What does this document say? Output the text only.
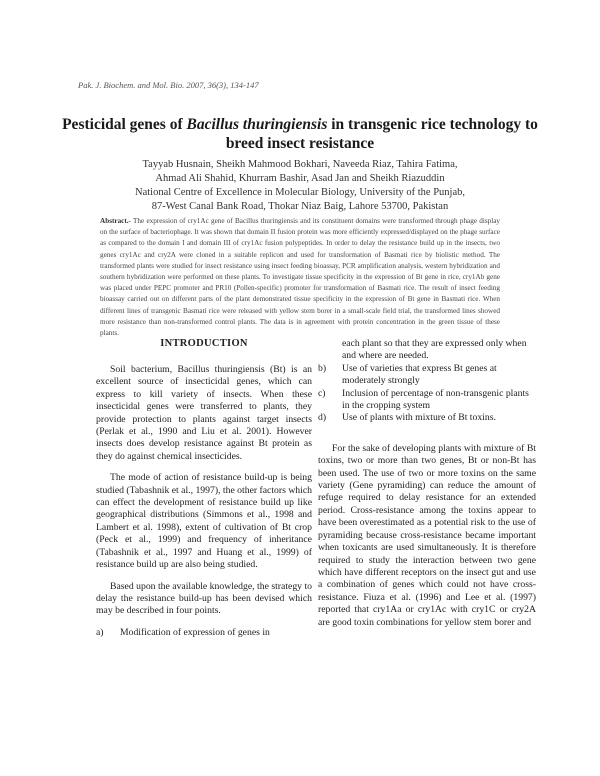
Pak. J. Biochem. and Mol. Bio. 2007, 36(3), 134-147
Pesticidal genes of Bacillus thuringiensis in transgenic rice technology to breed insect resistance
Tayyab Husnain, Sheikh Mahmood Bokhari, Naveeda Riaz, Tahira Fatima,
Ahmad Ali Shahid, Khurram Bashir, Asad Jan and Sheikh Riazuddin
National Centre of Excellence in Molecular Biology, University of the Punjab,
87-West Canal Bank Road, Thokar Niaz Baig, Lahore 53700, Pakistan
Abstract.- The expression of cry1Ac gene of Bacillus thuringiensis and its constituent domains were transformed through phage display on the surface of bacteriophage. It was shown that domain II fusion protein was more efficiently expressed/displayed on the phage surface as compared to the domain I and domain III of cry1Ac fusion polypeptides. In order to delay the resistance build up in the insects, two genes cry1Ac and cry2A were cloned in a suitable replicon and used for transformation of Basmati rice by biolistic method. The transformed plants were studied for insect resistance using insect feeding bioassay, PCR amplification analysis, western hybridization and southern hybridization were performed on these plants. To investigate tissue specificity in the expression of Bt gene in rice, cry1Ab gene was placed under PEPC promoter and PR10 (Pollen-specific) promoter for transformation of Basmati rice. The result of insect feeding bioassay carried out on different parts of the plant demonstrated tissue specificity in the expression of Bt gene in Basmati rice. When different lines of transgenic Basmati rice were released with yellow stem borer in a small-scale field trial, the transformed lines showed more resistance than non-transformed control plants. The data is in agreement with protein concentration in the green tissue of these plants.
INTRODUCTION

Soil bacterium, Bacillus thuringiensis (Bt) is an excellent source of insecticidal genes, which can express to kill variety of insects. When these insecticidal genes were transferred to plants, they provide protection to plants against target insects (Perlak et al., 1990 and Liu et al. 2001). However insects does develop resistance against Bt protein as they do against chemical insecticides.

The mode of action of resistance build-up is being studied (Tabashnik et al., 1997), the other factors which can effect the development of resistance build up like geographical distributions (Simmons et al., 1998 and Lambert et al. 1998), extent of cultivation of Bt crop (Peck et al., 1999) and frequency of inheritance (Tabashnik et al., 1997 and Huang et al., 1999) of resistance build up are also being studied.

Based upon the available knowledge, the strategy to delay the resistance build-up has been devised which may be described in four points.

a)	Modification of expression of genes in
each plant so that they are expressed only when and where are needed.
b)	Use of varieties that express Bt genes at moderately strongly
c)	Inclusion of percentage of non-transgenic plants in the cropping system
d)	Use of plants with mixture of Bt toxins.

For the sake of developing plants with mixture of Bt toxins, two or more than two genes, Bt or non-Bt has been used. The use of two or more toxins on the same variety (Gene pyramiding) can reduce the amount of refuge required to delay resistance for an extended period. Cross-resistance among the toxins appear to have been overestimated as a potential risk to the use of pyramiding because cross-resistance became important when toxicants are used simultaneously. It is therefore required to study the interaction between two gene which have different receptors on the insect gut and use a combination of genes which could not have cross-resistance. Fiuza et al. (1996) and Lee et al. (1997) reported that cry1Aa or cry1Ac with cry1C or cry2A are good toxin combinations for yellow stem borer and
